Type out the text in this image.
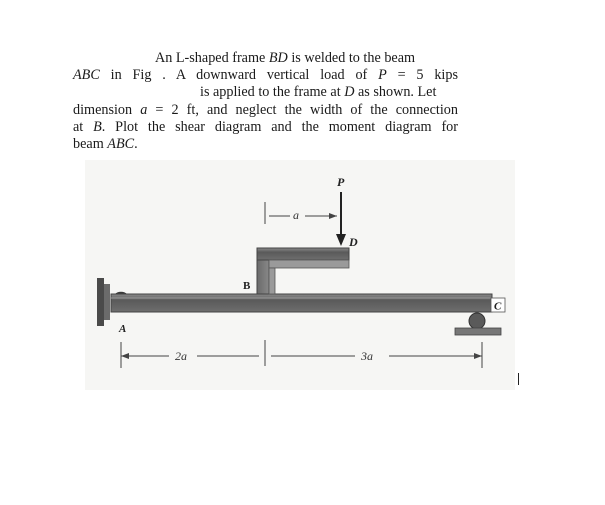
An L-shaped frame BD is welded to the beam
ABC in Fig . A downward vertical load of P = 5 kips
is applied to the frame at D as shown. Let
dimension a = 2 ft, and neglect the width of the connection
at B. Plot the shear diagram and the moment diagram for
beam ABC.
P
a
D
B
A
C
2a	3a
